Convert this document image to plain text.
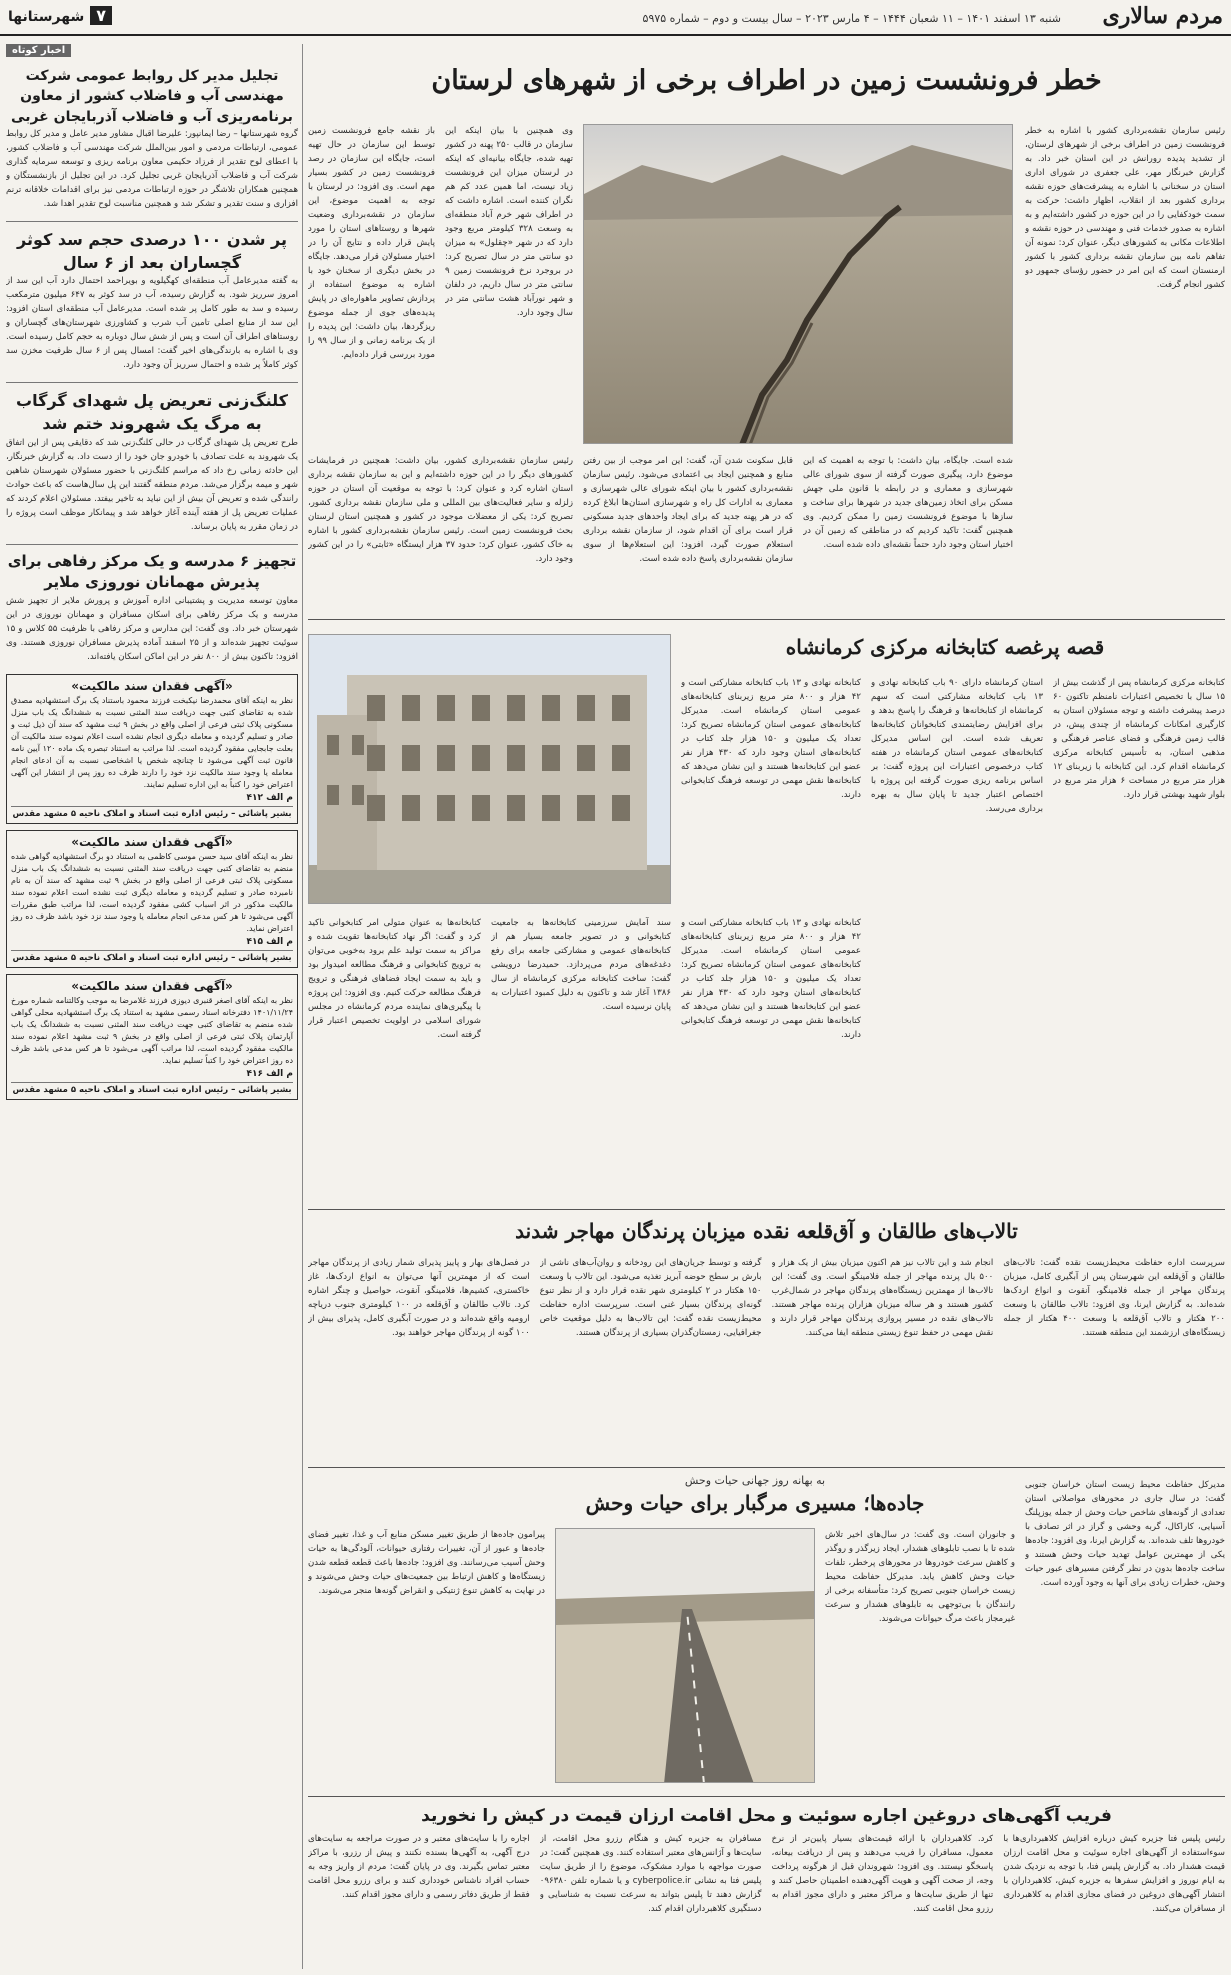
مردم سالاری
شنبه ۱۳ اسفند ۱۴۰۱ – ۱۱ شعبان ۱۴۴۴ – ۴ مارس ۲۰۲۳ – سال بیست و دوم – شماره ۵۹۷۵
۷شهرستانها
اخبار کوتاه
تجلیل مدیر کل روابط عمومی شرکت مهندسی آب و فاضلاب کشور از معاون برنامه‌ریزی آب و فاضلاب آذربایجان غربی
گروه شهرستانها – رضا ایمانپور: علیرضا اقبال مشاور مدیر عامل و مدیر کل روابط عمومی، ارتباطات مردمی و امور بین‌الملل شرکت مهندسی آب و فاضلاب کشور، با اعطای لوح تقدیر از فرزاد حکیمی معاون برنامه ریزی و توسعه سرمایه گذاری شرکت آب و فاضلاب آذربایجان غربی تجلیل کرد. در این تجلیل از بازنشستگان و همچنین همکاران تلاشگر در حوزه ارتباطات مردمی نیز برای اقدامات خلاقانه ترنم افزاری و سنت تقدیر و تشکر شد و همچنین مناسبت لوح تقدیر اهدا شد.
پر شدن ۱۰۰ درصدی حجم سد کوثر گچساران بعد از ۶ سال
به گفته مدیرعامل آب منطقه‌ای کهگیلویه و بویراحمد احتمال دارد آب این سد از امروز سرریز شود. به گزارش رسیده، آب در سد کوثر به ۶۴۷ میلیون مترمکعب رسیده و سد به طور کامل پر شده است. مدیرعامل آب منطقه‌ای استان افزود: این سد از منابع اصلی تامین آب شرب و کشاورزی شهرستان‌های گچساران و روستاهای اطراف آن است و پس از شش سال دوباره به حجم کامل رسیده است. وی با اشاره به بارندگی‌های اخیر گفت: امسال پس از ۶ سال ظرفیت مخزن سد کوثر کاملاً پر شده و احتمال سرریز آن وجود دارد.
کلنگ‌زنی تعریض پل شهدای گرگاب به مرگ یک شهروند ختم شد
طرح تعریض پل شهدای گرگاب در حالی کلنگ‌زنی شد که دقایقی پس از این اتفاق یک شهروند به علت تصادف با خودرو جان خود را از دست داد. به گزارش خبرنگار، این حادثه زمانی رخ داد که مراسم کلنگ‌زنی با حضور مسئولان شهرستان شاهین شهر و میمه برگزار می‌شد. مردم منطقه گفتند این پل سال‌هاست که باعث حوادث رانندگی شده و تعریض آن بیش از این نباید به تاخیر بیفتد. مسئولان اعلام کردند که عملیات تعریض پل از هفته آینده آغاز خواهد شد و پیمانکار موظف است پروژه را در زمان مقرر به پایان برساند.
تجهیز ۶ مدرسه و یک مرکز رفاهی برای پذیرش مهمانان نوروزی ملایر
معاون توسعه مدیریت و پشتیبانی اداره آموزش و پرورش ملایر از تجهیز شش مدرسه و یک مرکز رفاهی برای اسکان مسافران و مهمانان نوروزی در این شهرستان خبر داد. وی گفت: این مدارس و مرکز رفاهی با ظرفیت ۵۵ کلاس و ۱۵ سوئیت تجهیز شده‌اند و از ۲۵ اسفند آماده پذیرش مسافران نوروزی هستند. وی افزود: تاکنون بیش از ۸۰۰ نفر در این اماکن اسکان یافته‌اند.
«آگهی فقدان سند مالکیت»
نظر به اینکه آقای محمدرضا نیکبخت فرزند محمود باستناد یک برگ استشهادیه مصدق شده به تقاضای کتبی جهت دریافت سند المثنی نسبت به ششدانگ یک باب منزل مسکونی پلاک ثبتی فرعی از اصلی واقع در بخش ۹ ثبت مشهد که سند آن ذیل ثبت و صادر و تسلیم گردیده و معامله دیگری انجام نشده است اعلام نموده سند مالکیت آن بعلت جابجایی مفقود گردیده است. لذا مراتب به استناد تبصره یک ماده ۱۲۰ آیین نامه قانون ثبت آگهی می‌شود تا چنانچه شخص یا اشخاصی نسبت به آن ادعای انجام معامله یا وجود سند مالکیت نزد خود را دارند ظرف ده روز پس از انتشار این آگهی اعتراض خود را کتباً به این اداره تسلیم نمایند.
م الف ۴۱۲
بشیر پاشائی – رئیس اداره ثبت اسناد و املاک ناحیه ۵ مشهد مقدس
«آگهی فقدان سند مالکیت»
نظر به اینکه آقای سید حسن موسی کاظمی به استناد دو برگ استشهادیه گواهی شده منضم به تقاضای کتبی جهت دریافت سند المثنی نسبت به ششدانگ یک باب منزل مسکونی پلاک ثبتی فرعی از اصلی واقع در بخش ۹ ثبت مشهد که سند آن به نام نامبرده صادر و تسلیم گردیده و معامله دیگری ثبت نشده است اعلام نموده سند مالکیت مذکور در اثر اسباب کشی مفقود گردیده است، لذا مراتب طبق مقررات آگهی می‌شود تا هر کس مدعی انجام معامله یا وجود سند نزد خود باشد ظرف ده روز اعتراض نماید.
م الف ۴۱۵
بشیر پاشائی – رئیس اداره ثبت اسناد و املاک ناحیه ۵ مشهد مقدس
«آگهی فقدان سند مالکیت»
نظر به اینکه آقای اصغر قنبری دیوزی فرزند غلامرضا به موجب وکالتنامه شماره مورخ ۱۴۰۱/۱۱/۲۴ دفترخانه اسناد رسمی مشهد به استناد یک برگ استشهادیه محلی گواهی شده منضم به تقاضای کتبی جهت دریافت سند المثنی نسبت به ششدانگ یک باب آپارتمان پلاک ثبتی فرعی از اصلی واقع در بخش ۹ ثبت مشهد اعلام نموده سند مالکیت مفقود گردیده است، لذا مراتب آگهی می‌شود تا هر کس مدعی باشد ظرف ده روز اعتراض خود را کتباً تسلیم نماید.
م الف ۴۱۶
بشیر پاشائی – رئیس اداره ثبت اسناد و املاک ناحیه ۵ مشهد مقدس
خطر فرونشست زمین در اطراف برخی از شهرهای لرستان
رئیس سازمان نقشه‌برداری کشور با اشاره به خطر فرونشست زمین در اطراف برخی از شهرهای لرستان، از تشدید پدیده رورانش در این استان خبر داد. به گزارش خبرنگار مهر، علی جعفری در شورای اداری استان در سخنانی با اشاره به پیشرفت‌های حوزه نقشه برداری کشور بعد از انقلاب، اظهار داشت: حرکت به سمت خودکفایی را در این حوزه در کشور داشته‌ایم و به اشاره به صدور خدمات فنی و مهندسی در حوزه نقشه و اطلاعات مکانی به کشورهای دیگر، عنوان کرد: نمونه آن تفاهم نامه بین سازمان نقشه برداری کشور با کشور ارمنستان است که این امر در حضور رؤسای جمهور دو کشور انجام گرفت.
وی همچنین با بیان اینکه این سازمان در قالب ۲۵۰ پهنه در کشور تهیه شده، جایگاه بیانیه‌ای که اینکه در لرستان میزان این فرونشست زیاد نیست، اما همین عدد کم هم نگران کننده است. اشاره داشت که در اطراف شهر خرم آباد منطقه‌ای به وسعت ۳۲۸ کیلومتر مربع وجود دارد که در شهر «چقلول» به میزان دو سانتی متر در سال تصریح کرد: در بروجرد نرخ فرونشست زمین ۹ سانتی متر در سال داریم، در دلفان و شهر نورآباد هشت سانتی متر در سال وجود دارد.
باز نقشه جامع فرونشست زمین توسط این سازمان در حال تهیه است، جایگاه این سازمان در رصد فرونشست زمین در کشور بسیار مهم است. وی افزود: در لرستان با توجه به اهمیت موضوع، این سازمان در نقشه‌برداری وضعیت شهرها و روستاهای استان را مورد پایش قرار داده و نتایج آن را در اختیار مسئولان قرار می‌دهد. جایگاه در بخش دیگری از سخنان خود با اشاره به موضوع استفاده از پردازش تصاویر ماهواره‌ای در پایش پدیده‌های جوی از جمله موضوع ریزگردها، بیان داشت: این پدیده را از یک برنامه زمانی و از سال ۹۹ را مورد بررسی قرار داده‌ایم.
شده است. جایگاه، بیان داشت: با توجه به اهمیت که این موضوع دارد، پیگیری صورت گرفته از سوی شورای عالی شهرسازی و معماری و در رابطه با قانون ملی جهش مسکن برای اتخاذ زمین‌های جدید در شهرها برای ساخت و سازها با موضوع فرونشست زمین را ممکن کردیم. وی همچنین گفت: تاکید کردیم که در مناطقی که زمین آن در اختیار استان وجود دارد حتماً نقشه‌ای داده شده است.
قابل سکونت شدن آن، گفت: این امر موجب از بین رفتن منابع و همچنین ایجاد بی اعتمادی می‌شود. رئیس سازمان نقشه‌برداری کشور با بیان اینکه شورای عالی شهرسازی و معماری به ادارات کل راه و شهرسازی استان‌ها ابلاغ کرده که در هر پهنه جدید که برای ایجاد واحدهای جدید مسکونی قرار است برای آن اقدام شود، از سازمان نقشه برداری استعلام صورت گیرد، افزود: این استعلام‌ها از سوی سازمان نقشه‌برداری پاسخ داده شده است.
رئیس سازمان نقشه‌برداری کشور، بیان داشت: همچنین در فرمایشات کشورهای دیگر را در این حوزه داشته‌ایم و این به سازمان نقشه برداری استان اشاره کرد و عنوان کرد: با توجه به موقعیت آن استان در حوزه زلزله و سایر فعالیت‌های بین المللی و ملی سازمان نقشه برداری کشور، تصریح کرد: یکی از معضلات موجود در کشور و همچنین استان لرستان بحث فرونشست زمین است. رئیس سازمان نقشه‌برداری کشور با اشاره به خاک کشور، عنوان کرد: حدود ۳۷ هزار ایستگاه «ثابتی» را در این کشور وجود دارد.
قصه پرغصه کتابخانه مرکزی کرمانشاه
کتابخانه مرکزی کرمانشاه پس از گذشت بیش از ۱۵ سال با تخصیص اعتبارات نامنظم تاکنون ۶۰ درصد پیشرفت داشته و توجه مسئولان استان به کارگیری امکانات کرمانشاه از چندی پیش، در قالب زمین فرهنگی و فضای عناصر فرهنگی و مذهبی استان، به تأسیس کتابخانه مرکزی کرمانشاه اقدام کرد. این کتابخانه با زیربنای ۱۲ هزار متر مربع در مساحت ۶ هزار متر مربع در بلوار شهید بهشتی قرار دارد.
استان کرمانشاه دارای ۹۰ باب کتابخانه نهادی و ۱۳ باب کتابخانه مشارکتی است که سهم کرمانشاه از کتابخانه‌ها و فرهنگ را پاسخ بدهد و برای افزایش رضایتمندی کتابخوانان کتابخانه‌ها تعریف شده است. این اساس مدیرکل کتابخانه‌های عمومی استان کرمانشاه در هفته کتاب درخصوص اعتبارات این پروژه گفت: بر اساس برنامه ریزی صورت گرفته این پروژه با اختصاص اعتبار جدید تا پایان سال به بهره برداری می‌رسد.
کتابخانه نهادی و ۱۳ باب کتابخانه مشارکتی است و ۴۲ هزار و ۸۰۰ متر مربع زیربنای کتابخانه‌های عمومی استان کرمانشاه است. مدیرکل کتابخانه‌های عمومی استان کرمانشاه تصریح کرد: تعداد یک میلیون و ۱۵۰ هزار جلد کتاب در کتابخانه‌های استان وجود دارد که ۴۳۰ هزار نفر عضو این کتابخانه‌ها هستند و این نشان می‌دهد که کتابخانه‌ها نقش مهمی در توسعه فرهنگ کتابخوانی دارند.
سند آمایش سرزمینی کتابخانه‌ها به جامعیت کتابخوانی و در تصویر جامعه بسیار هم از کتابخانه‌های عمومی و مشارکتی جامعه برای رفع دغدغه‌های مردم می‌پردازد. حمیدرضا درویشی گفت: ساخت کتابخانه مرکزی کرمانشاه از سال ۱۳۸۶ آغاز شد و تاکنون به دلیل کمبود اعتبارات به پایان نرسیده است.
کتابخانه‌ها به عنوان متولی امر کتابخوانی تاکید کرد و گفت: اگر نهاد کتابخانه‌ها تقویت شده و مراکز به سمت تولید علم برود به‌خوبی می‌توان به ترویج کتابخوانی و فرهنگ مطالعه امیدوار بود و باید به سمت ایجاد فضاهای فرهنگی و ترویج فرهنگ مطالعه حرکت کنیم. وی افزود: این پروژه با پیگیری‌های نماینده مردم کرمانشاه در مجلس شورای اسلامی در اولویت تخصیص اعتبار قرار گرفته است.
کتابخانه نهادی و ۱۳ باب کتابخانه مشارکتی است و ۴۲ هزار و ۸۰۰ متر مربع زیربنای کتابخانه‌های عمومی استان کرمانشاه است. مدیرکل کتابخانه‌های عمومی استان کرمانشاه تصریح کرد: تعداد یک میلیون و ۱۵۰ هزار جلد کتاب در کتابخانه‌های استان وجود دارد که ۴۳۰ هزار نفر عضو این کتابخانه‌ها هستند و این نشان می‌دهد که کتابخانه‌ها نقش مهمی در توسعه فرهنگ کتابخوانی دارند.
تالاب‌های طالقان و آق‌قلعه نقده میزبان پرندگان مهاجر شدند
سرپرست اداره حفاظت محیط‌زیست نقده گفت: تالاب‌های طالقان و آق‌قلعه این شهرستان پس از آبگیری کامل، میزبان پرندگان مهاجر از جمله فلامینگو، آنقوت و انواع اردک‌ها شده‌اند. به گزارش ایرنا، وی افزود: تالاب طالقان با وسعت ۲۰۰ هکتار و تالاب آق‌قلعه با وسعت ۴۰۰ هکتار از جمله زیستگاه‌های ارزشمند این منطقه هستند.
انجام شد و این تالاب نیز هم اکنون میزبان بیش از یک هزار و ۵۰۰ بال پرنده مهاجر از جمله فلامینگو است. وی گفت: این تالاب‌ها از مهمترین زیستگاه‌های پرندگان مهاجر در شمال‌غرب کشور هستند و هر ساله میزبان هزاران پرنده مهاجر هستند. تالاب‌های نقده در مسیر پروازی پرندگان مهاجر قرار دارند و نقش مهمی در حفظ تنوع زیستی منطقه ایفا می‌کنند.
گرفته و توسط جریان‌های این رودخانه و روان‌آب‌های ناشی از بارش بر سطح حوضه آبریز تغذیه می‌شود. این تالاب با وسعت ۱۵۰ هکتار در ۲ کیلومتری شهر نقده قرار دارد و از نظر تنوع گونه‌ای پرندگان بسیار غنی است. سرپرست اداره حفاظت محیط‌زیست نقده گفت: این تالاب‌ها به دلیل موقعیت خاص جغرافیایی، زمستان‌گذران بسیاری از پرندگان هستند.
در فصل‌های بهار و پاییز پذیرای شمار زیادی از پرندگان مهاجر است که از مهمترین آنها می‌توان به انواع اردک‌ها، غاز خاکستری، کشیم‌ها، فلامینگو، آنقوت، حواصیل و چنگر اشاره کرد. تالاب طالقان و آق‌قلعه در ۱۰۰ کیلومتری جنوب دریاچه ارومیه واقع شده‌اند و در صورت آبگیری کامل، پذیرای بیش از ۱۰۰ گونه از پرندگان مهاجر خواهند بود.
به بهانه روز جهانی حیات وحش
جاده‌ها؛ مسیری مرگبار برای حیات وحش
مدیرکل حفاظت محیط زیست استان خراسان جنوبی گفت: در سال جاری در محورهای مواصلاتی استان تعدادی از گونه‌های شاخص حیات وحش از جمله یوزپلنگ آسیایی، کاراکال، گربه وحشی و گراز در اثر تصادف با خودروها تلف شده‌اند. به گزارش ایرنا، وی افزود: جاده‌ها یکی از مهمترین عوامل تهدید حیات وحش هستند و ساخت جاده‌ها بدون در نظر گرفتن مسیرهای عبور حیات وحش، خطرات زیادی برای آنها به وجود آورده است.
و جانوران است. وی گفت: در سال‌های اخیر تلاش شده تا با نصب تابلوهای هشدار، ایجاد زیرگذر و روگذر و کاهش سرعت خودروها در محورهای پرخطر، تلفات حیات وحش کاهش یابد. مدیرکل حفاظت محیط زیست خراسان جنوبی تصریح کرد: متأسفانه برخی از رانندگان با بی‌توجهی به تابلوهای هشدار و سرعت غیرمجاز باعث مرگ حیوانات می‌شوند.
پیرامون جاده‌ها از طریق تغییر مسکن منابع آب و غذا، تغییر فضای جاده‌ها و عبور از آن، تغییرات رفتاری حیوانات، آلودگی‌ها به حیات وحش آسیب می‌رسانند. وی افزود: جاده‌ها باعث قطعه قطعه شدن زیستگاه‌ها و کاهش ارتباط بین جمعیت‌های حیات وحش می‌شوند و در نهایت به کاهش تنوع ژنتیکی و انقراض گونه‌ها منجر می‌شوند.
فریب آگهی‌های دروغین اجاره سوئیت و محل اقامت ارزان قیمت در کیش را نخورید
رئیس پلیس فتا جزیره کیش درباره افزایش کلاهبرداری‌ها با سوءاستفاده از آگهی‌های اجاره سوئیت و محل اقامت ارزان قیمت هشدار داد. به گزارش پلیس فتا، با توجه به نزدیک شدن به ایام نوروز و افزایش سفرها به جزیره کیش، کلاهبرداران با انتشار آگهی‌های دروغین در فضای مجازی اقدام به کلاهبرداری از مسافران می‌کنند.
کرد. کلاهبرداران با ارائه قیمت‌های بسیار پایین‌تر از نرخ معمول، مسافران را فریب می‌دهند و پس از دریافت بیعانه، پاسخگو نیستند. وی افزود: شهروندان قبل از هرگونه پرداخت وجه، از صحت آگهی و هویت آگهی‌دهنده اطمینان حاصل کنند و تنها از طریق سایت‌ها و مراکز معتبر و دارای مجوز اقدام به رزرو محل اقامت کنند.
مسافران به جزیره کیش و هنگام رزرو محل اقامت، از سایت‌ها و آژانس‌های معتبر استفاده کنند. وی همچنین گفت: در صورت مواجهه با موارد مشکوک، موضوع را از طریق سایت پلیس فتا به نشانی cyberpolice.ir و یا شماره تلفن ۰۹۶۳۸۰ گزارش دهند تا پلیس بتواند به سرعت نسبت به شناسایی و دستگیری کلاهبرداران اقدام کند.
اجاره را با سایت‌های معتبر و در صورت مراجعه به سایت‌های درج آگهی، به آگهی‌ها بسنده نکنند و پیش از رزرو، با مراکز معتبر تماس بگیرند. وی در پایان گفت: مردم از واریز وجه به حساب افراد ناشناس خودداری کنند و برای رزرو محل اقامت فقط از طریق دفاتر رسمی و دارای مجوز اقدام کنند.
